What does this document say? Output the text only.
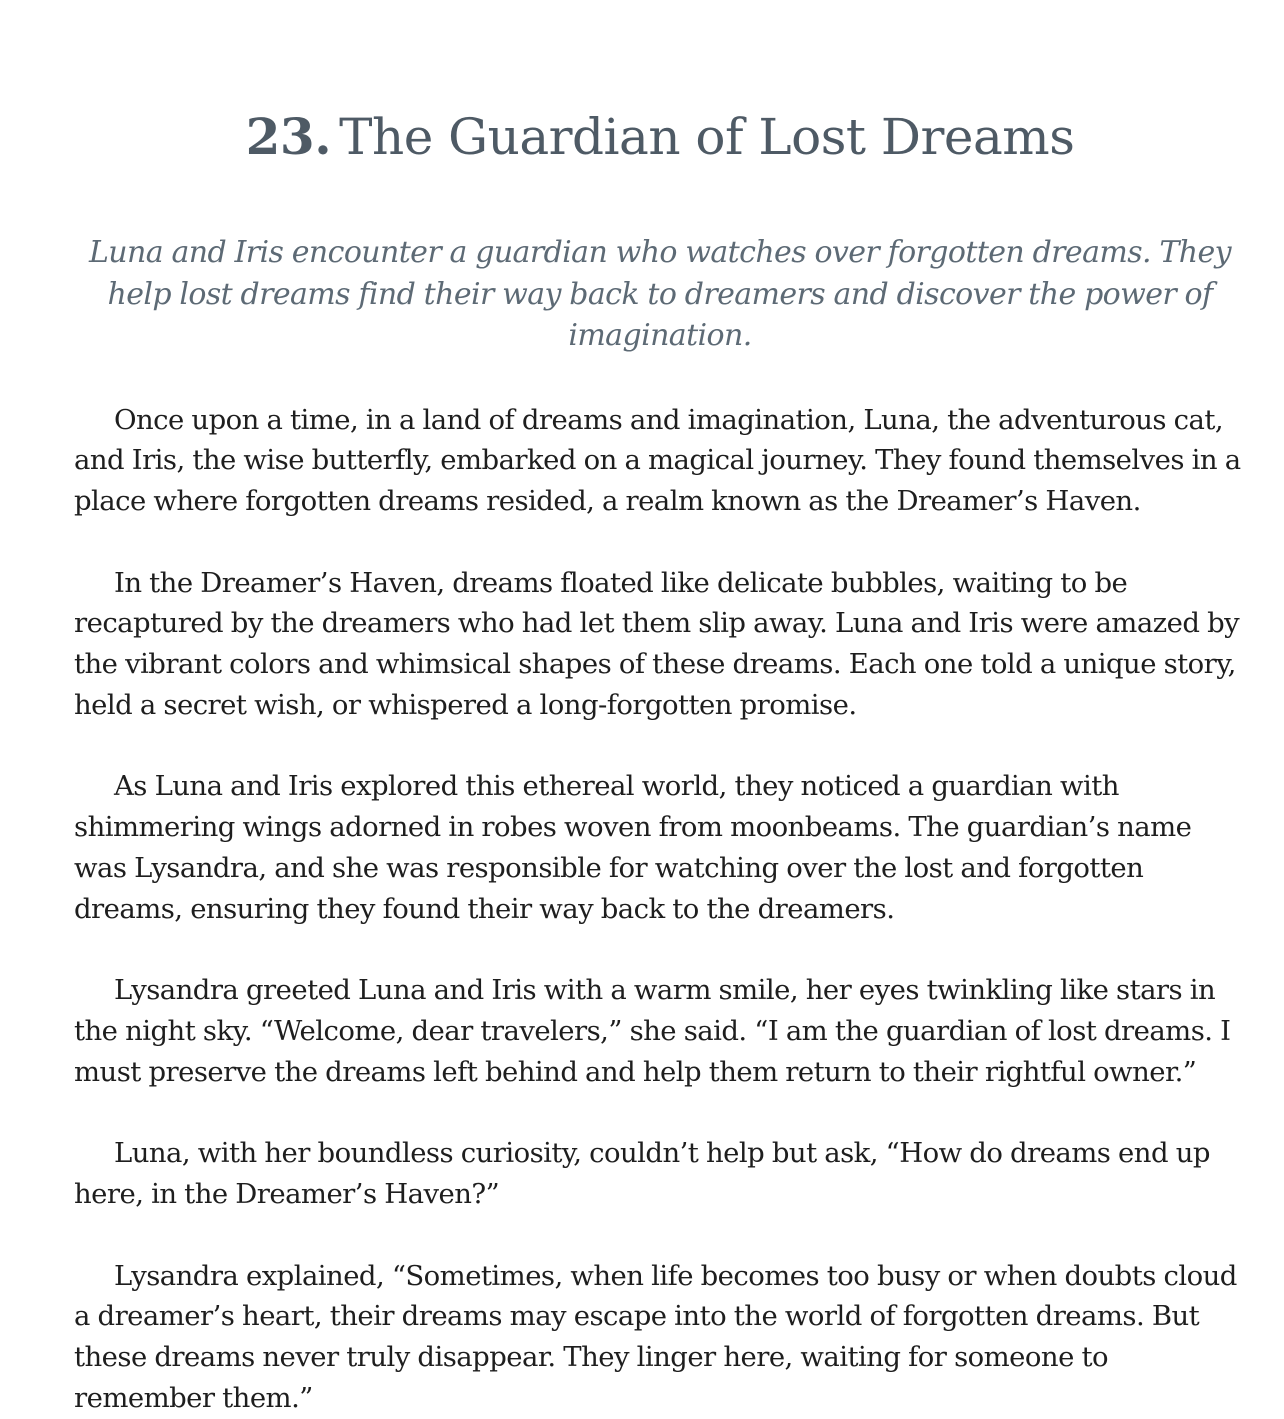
23. The Guardian of Lost Dreams

Luna and Iris encounter a guardian who watches over forgotten dreams. They help lost dreams find their way back to dreamers and discover the power of imagination.

Once upon a time, in a land of dreams and imagination, Luna, the adventurous cat, and Iris, the wise butterfly, embarked on a magical journey. They found themselves in a place where forgotten dreams resided, a realm known as the Dreamer’s Haven.

In the Dreamer’s Haven, dreams floated like delicate bubbles, waiting to be recaptured by the dreamers who had let them slip away. Luna and Iris were amazed by the vibrant colors and whimsical shapes of these dreams. Each one told a unique story, held a secret wish, or whispered a long-forgotten promise.

As Luna and Iris explored this ethereal world, they noticed a guardian with shimmering wings adorned in robes woven from moonbeams. The guardian’s name was Lysandra, and she was responsible for watching over the lost and forgotten dreams, ensuring they found their way back to the dreamers.

Lysandra greeted Luna and Iris with a warm smile, her eyes twinkling like stars in the night sky. “Welcome, dear travelers,” she said. “I am the guardian of lost dreams. I must preserve the dreams left behind and help them return to their rightful owner.”

Luna, with her boundless curiosity, couldn’t help but ask, “How do dreams end up here, in the Dreamer’s Haven?”

Lysandra explained, “Sometimes, when life becomes too busy or when doubts cloud a dreamer’s heart, their dreams may escape into the world of forgotten dreams. But these dreams never truly disappear. They linger here, waiting for someone to remember them.”
